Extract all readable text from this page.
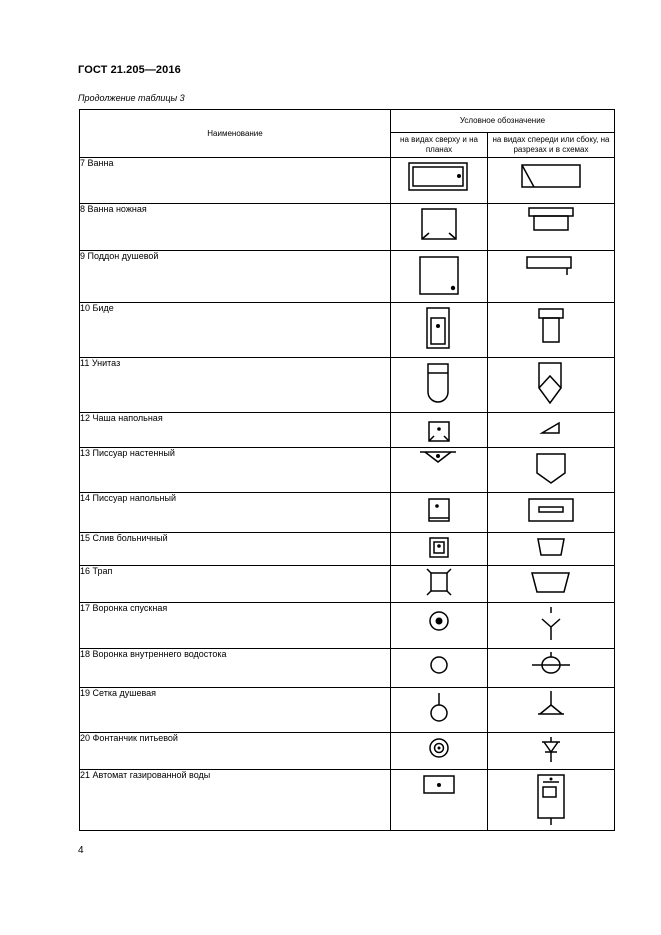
ГОСТ 21.205—2016
Продолжение таблицы 3
Наименование	Условное обозначение	
	на видах сверху и на планах	на видах спереди или сбоку, на разрезах и в схемах
7 Ванна	

8 Ванна ножная	

9 Поддон душевой	

10 Биде	

11 Унитаз	

12 Чаша напольная	

13 Писсуар настенный	

14 Писсуар напольный	

15 Слив больничный	

16 Трап	

17 Воронка спускная	

18 Воронка внутреннего водостока	

19 Сетка душевая	

20 Фонтанчик питьевой	

21 Автомат газированной воды	

4
